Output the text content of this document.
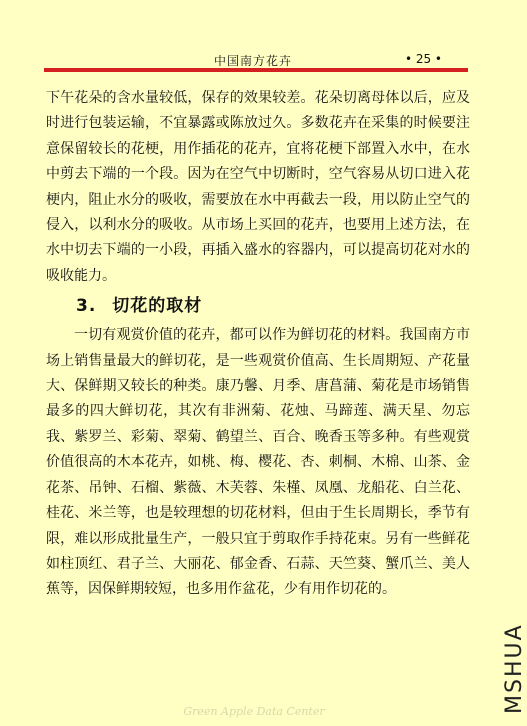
中国南方花卉	• 25 •

下午花朵的含水量较低，保存的效果较差。花朵切离母体以后，应及时进行包装运输，不宜暴露或陈放过久。多数花卉在采集的时候要注意保留较长的花梗，用作插花的花卉，宜将花梗下部置入水中，在水中剪去下端的一个段。因为在空气中切断时，空气容易从切口进入花梗内，阻止水分的吸收，需要放在水中再截去一段，用以防止空气的侵入，以利水分的吸收。从市场上买回的花卉，也要用上述方法，在水中切去下端的一小段，再插入盛水的容器内，可以提高切花对水的吸收能力。

3. 切花的取材

一切有观赏价值的花卉，都可以作为鲜切花的材料。我国南方市场上销售量最大的鲜切花，是一些观赏价值高、生长周期短、产花量大、保鲜期又较长的种类。康乃馨、月季、唐菖蒲、菊花是市场销售最多的四大鲜切花，其次有非洲菊、花烛、马蹄莲、满天星、勿忘我、紫罗兰、彩菊、翠菊、鹤望兰、百合、晚香玉等多种。有些观赏价值很高的木本花卉，如桃、梅、樱花、杏、刺桐、木棉、山茶、金花茶、吊钟、石榴、紫薇、木芙蓉、朱槿、凤凰、龙船花、白兰花、桂花、米兰等，也是较理想的切花材料，但由于生长周期长，季节有限，难以形成批量生产，一般只宜于剪取作手持花束。另有一些鲜花如柱顶红、君子兰、大丽花、郁金香、石蒜、天竺葵、蟹爪兰、美人蕉等，因保鲜期较短，也多用作盆花，少有用作切花的。

MSHUA
Green Apple Data Center
